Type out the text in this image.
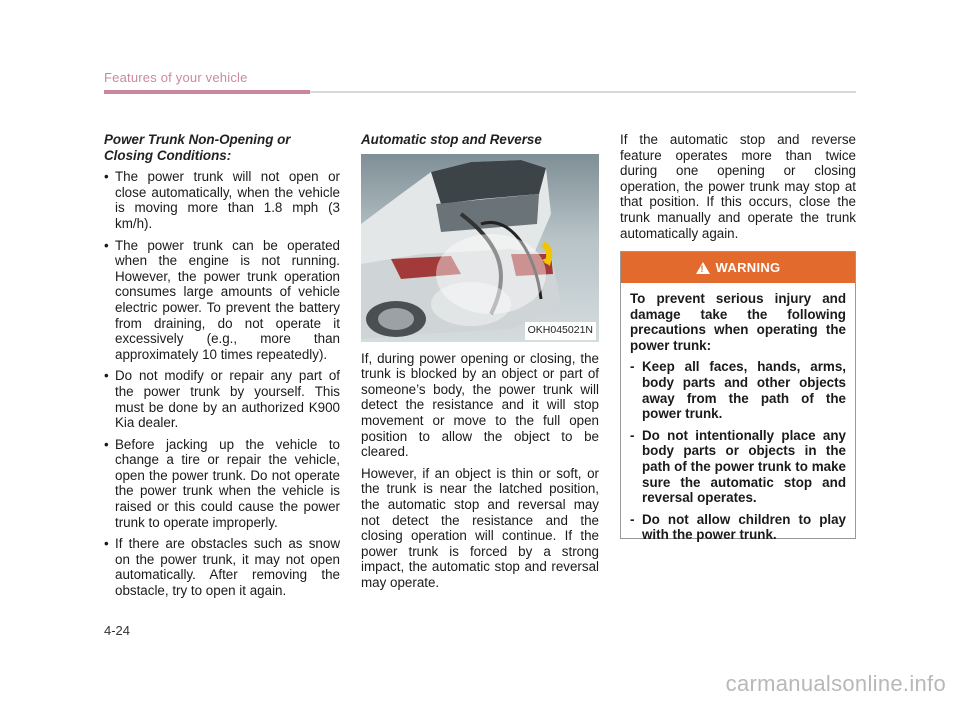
Features of your vehicle
Power Trunk Non-Opening or Closing Conditions:
• The power trunk will not open or close automatically, when the vehicle is moving more than 1.8 mph (3 km/h).
• The power trunk can be operated when the engine is not running. However, the power trunk operation consumes large amounts of vehicle electric power. To prevent the battery from draining, do not operate it excessively (e.g., more than approximately 10 times repeatedly).
• Do not modify or repair any part of the power trunk by yourself. This must be done by an authorized K900 Kia dealer.
• Before jacking up the vehicle to change a tire or repair the vehicle, open the power trunk. Do not operate the power trunk when the vehicle is raised or this could cause the power trunk to operate improperly.
• If there are obstacles such as snow on the power trunk, it may not open automatically. After removing the obstacle, try to open it again.
Automatic stop and Reverse
OKH045021N

If, during power opening or closing, the trunk is blocked by an object or part of someone’s body, the power trunk will detect the resistance and it will stop movement or move to the full open position to allow the object to be cleared.

However, if an object is thin or soft, or the trunk is near the latched position, the automatic stop and reversal may not detect the resistance and the closing operation will continue. If the power trunk is forced by a strong impact, the automatic stop and reversal may operate.

If the automatic stop and reverse feature operates more than twice during one opening or closing operation, the power trunk may stop at that position. If this occurs, close the trunk manually and operate the trunk automatically again.

! WARNING

To prevent serious injury and damage take the following precautions when operating the power trunk:

- Keep all faces, hands, arms, body parts and other objects away from the path of the power trunk.
- Do not intentionally place any body parts or objects in the path of the power trunk to make sure the automatic stop and reversal operates.
- Do not allow children to play with the power trunk.
4-24
carmanualsonline.info
